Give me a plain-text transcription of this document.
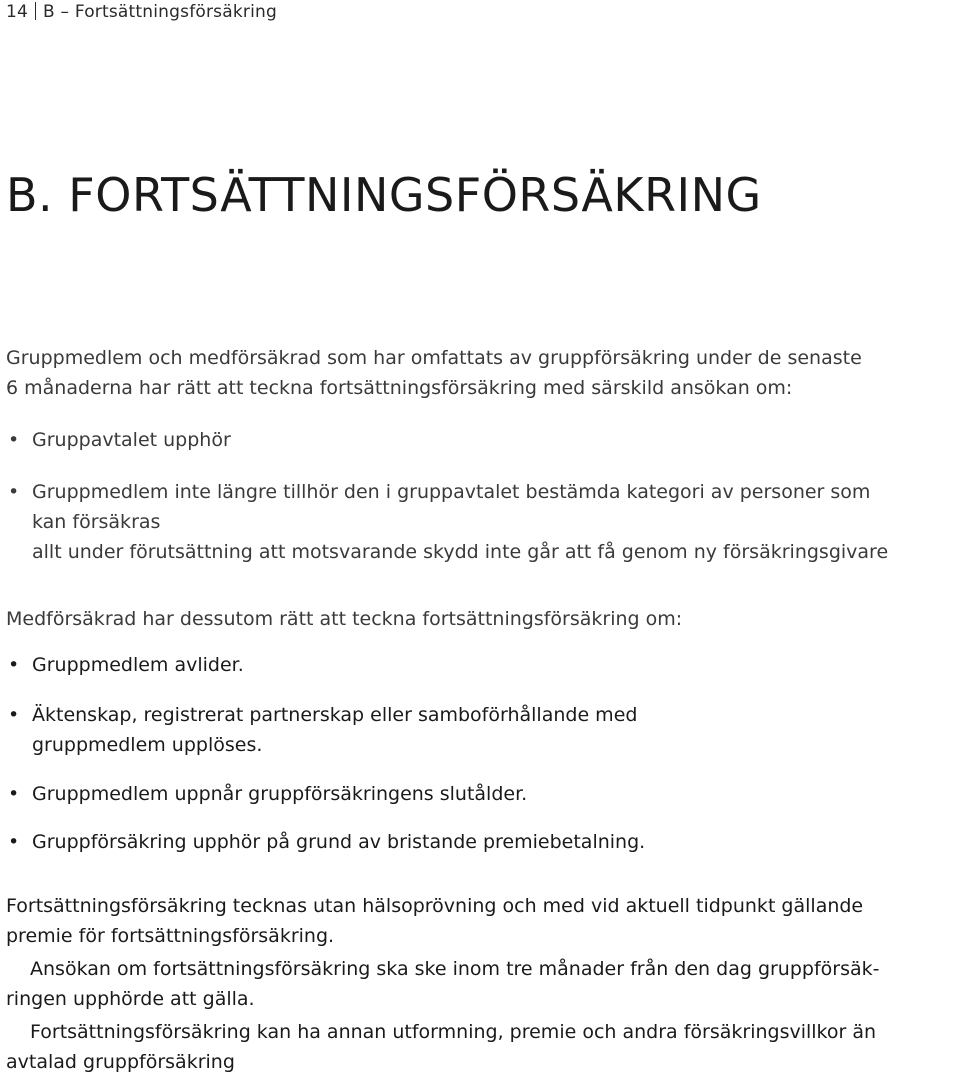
14 B – Fortsättningsförsäkring
B. FORTSÄTTNINGSFÖRSÄKRING

Gruppmedlem och medförsäkrad som har omfattats av gruppförsäkring under de senaste
6 månaderna har rätt att teckna fortsättningsförsäkring med särskild ansökan om:

• Gruppavtalet upphör
• Gruppmedlem inte längre tillhör den i gruppavtalet bestämda kategori av personer som
kan försäkras
allt under förutsättning att motsvarande skydd inte går att få genom ny försäkringsgivare

Medförsäkrad har dessutom rätt att teckna fortsättningsförsäkring om:

• Gruppmedlem avlider.
• Äktenskap, registrerat partnerskap eller samboförhållande med
gruppmedlem upplöses.
• Gruppmedlem uppnår gruppförsäkringens slutålder.
• Gruppförsäkring upphör på grund av bristande premiebetalning.

Fortsättningsförsäkring tecknas utan hälsoprövning och med vid aktuell tidpunkt gällande
premie för fortsättningsförsäkring.

Ansökan om fortsättningsförsäkring ska ske inom tre månader från den dag gruppförsäk-
ringen upphörde att gälla.

Fortsättningsförsäkring kan ha annan utformning, premie och andra försäkringsvillkor än
avtalad gruppförsäkring
